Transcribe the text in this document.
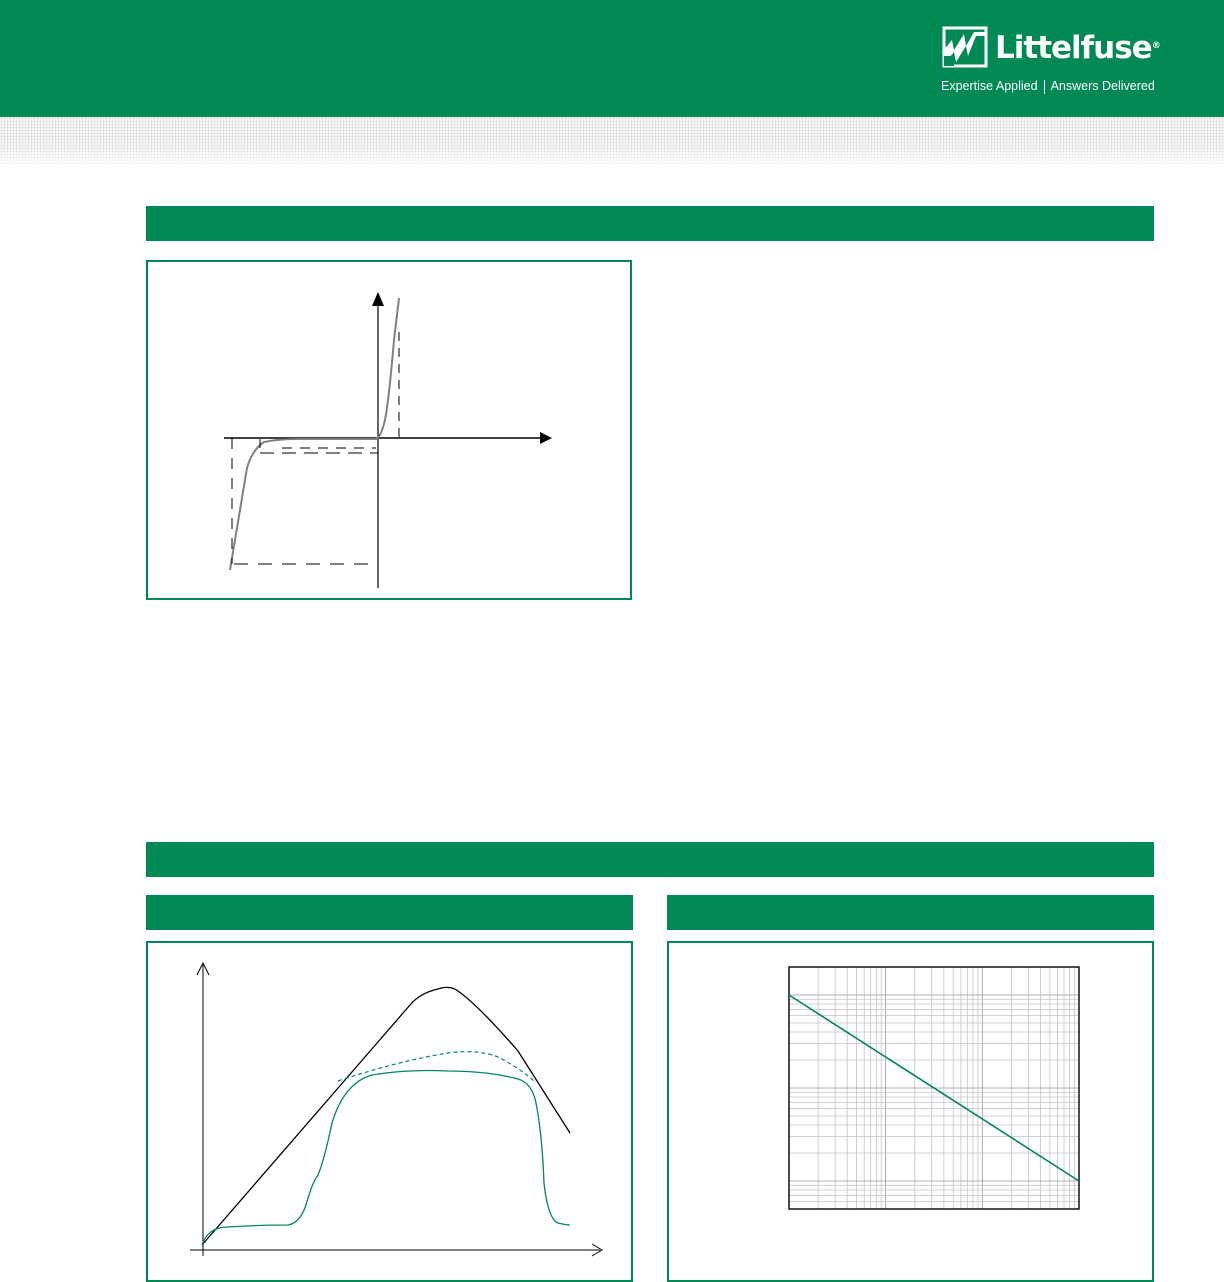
Littelfuse®
Expertise Applied Answers Delivered
